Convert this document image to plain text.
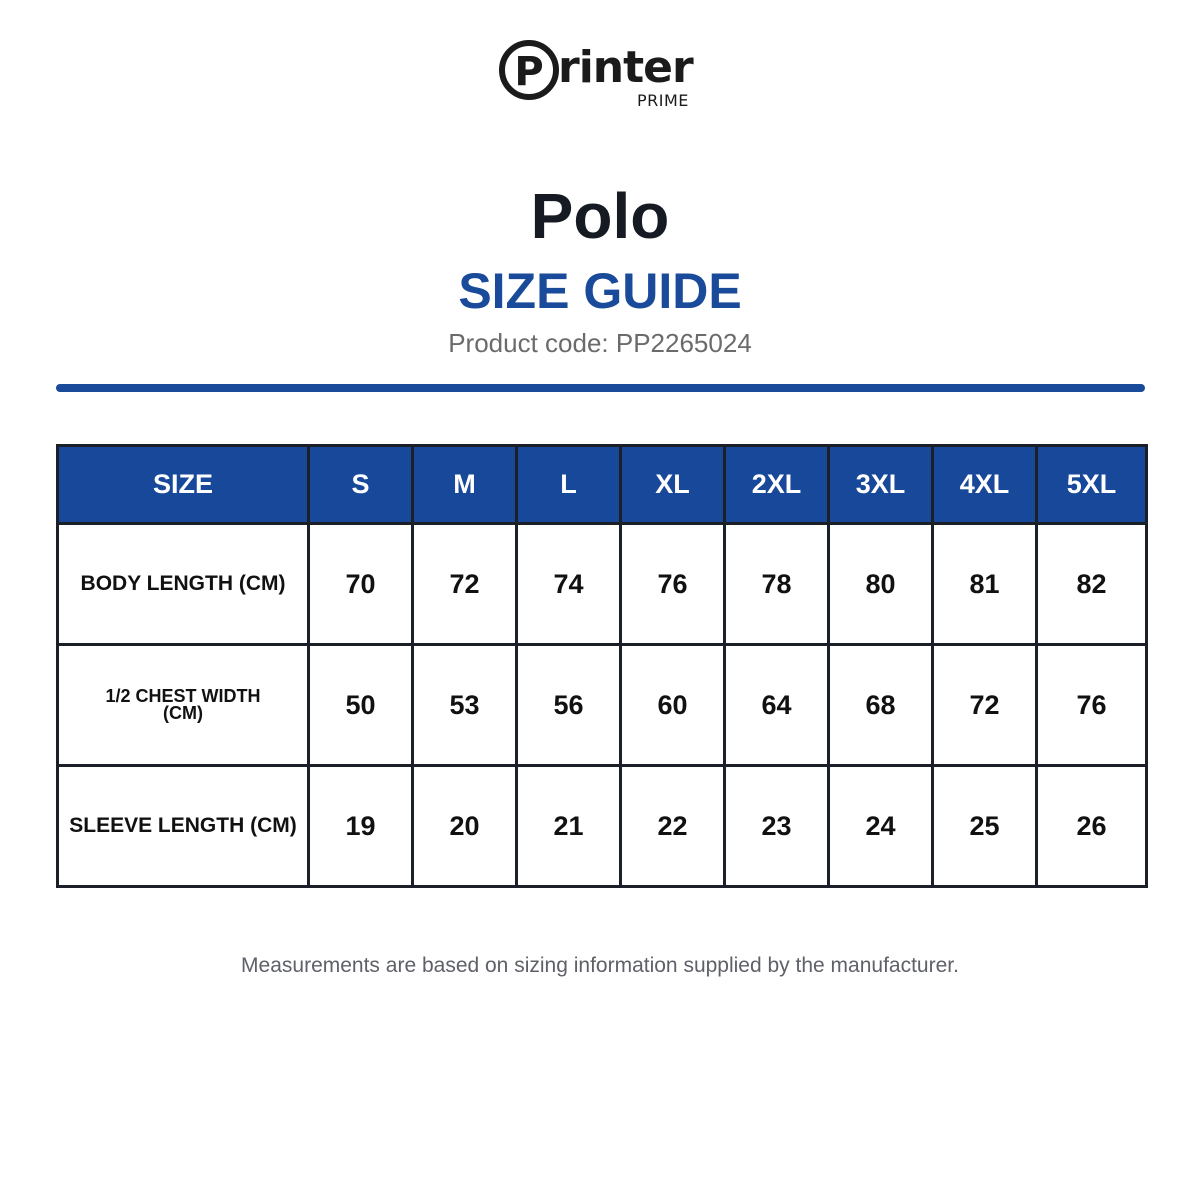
P rinter
PRIME
Polo
SIZE GUIDE
Product code: PP2265024
SIZE	S	M	L	XL	2XL	3XL	4XL	5XL
BODY LENGTH (CM)	70	72	74	76	78	80	81	82
1/2 CHEST WIDTH (CM)	50	53	56	60	64	68	72	76
SLEEVE LENGTH (CM)	19	20	21	22	23	24	25	26
Measurements are based on sizing information supplied by the manufacturer.
